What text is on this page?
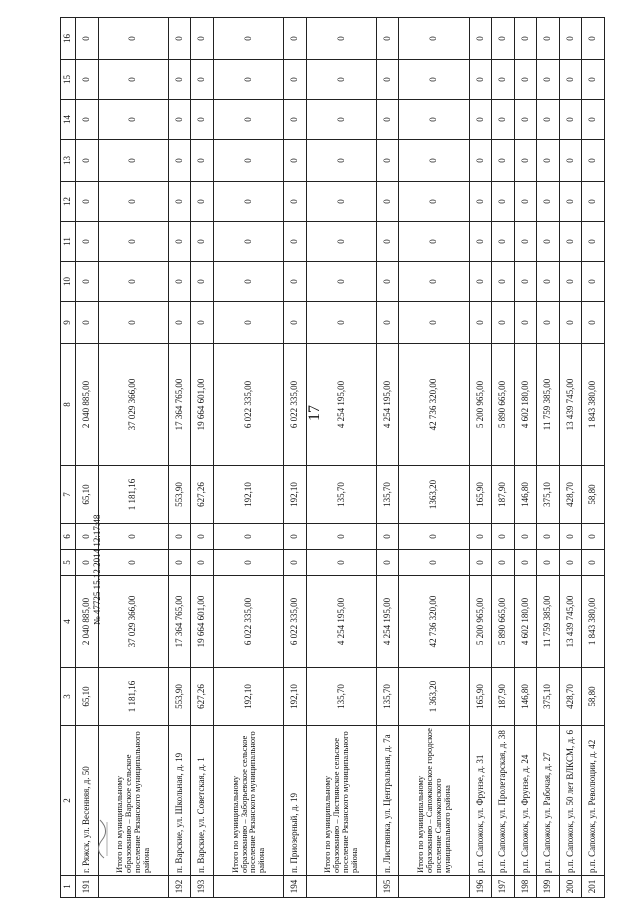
17
1	2	3	4	5	6	7	8	9	10	11	12	13	14	15	16
191	г. Ряжск, ул. Весенняя, д. 50	65,10	2 040 885,00	0	0	65,10	2 040 885,00	0	0	0	0	0	0	0	0
	Итого по муниципальному образованию – Варское сельское поселение Рязанского муниципального района	1 181,16	37 029 366,00	0	0	1 181,16	37 029 366,00	0	0	0	0	0	0	0	0
192	п. Варские, ул. Школьная, д. 19	553,90	17 364 765,00	0	0	553,90	17 364 765,00	0	0	0	0	0	0	0	0
193	п. Варские, ул. Советская, д. 1	627,26	19 664 601,00	0	0	627,26	19 664 601,00	0	0	0	0	0	0	0	0
	Итого по муниципальному образованию – Заборьевское сельское поселение Рязанского муниципального района	192,10	6 022 335,00	0	0	192,10	6 022 335,00	0	0	0	0	0	0	0	0
194	п. Приозерный, д. 19	192,10	6 022 335,00	0	0	192,10	6 022 335,00	0	0	0	0	0	0	0	0
	Итого по муниципальному образованию – Листвянское сельское поселение Рязанского муниципального района	135,70	4 254 195,00	0	0	135,70	4 254 195,00	0	0	0	0	0	0	0	0
195	п. Листвянка, ул. Центральная, д. 7а	135,70	4 254 195,00	0	0	135,70	4 254 195,00	0	0	0	0	0	0	0	0
	Итого по муниципальному образованию – Сапожковское городское поселение Сапожковского муниципального района	1 363,20	42 736 320,00	0	0	1363,20	42 736 320,00	0	0	0	0	0	0	0	0
196	р.п. Сапожок, ул. Фрунзе, д. 31	165,90	5 200 965,00	0	0	165,90	5 200 965,00	0	0	0	0	0	0	0	0
197	р.п. Сапожок, ул. Пролетарская, д. 38	187,90	5 890 665,00	0	0	187,90	5 890 665,00	0	0	0	0	0	0	0	0
198	р.п. Сапожок, ул. Фрунзе, д. 24	146,80	4 602 180,00	0	0	146,80	4 602 180,00	0	0	0	0	0	0	0	0
199	р.п. Сапожок, ул. Рабочая, д. 27	375,10	11 759 385,00	0	0	375,10	11 759 385,00	0	0	0	0	0	0	0	0
200	р.п. Сапожок, ул. 50 лет ВЛКСМ, д. 6	428,70	13 439 745,00	0	0	428,70	13 439 745,00	0	0	0	0	0	0	0	0
201	р.п. Сапожок, ул. Революции, д. 42	58,80	1 843 380,00	0	0	58,80	1 843 380,00	0	0	0	0	0	0	0	0
№ 47725 15.12.2014 12:17:48
